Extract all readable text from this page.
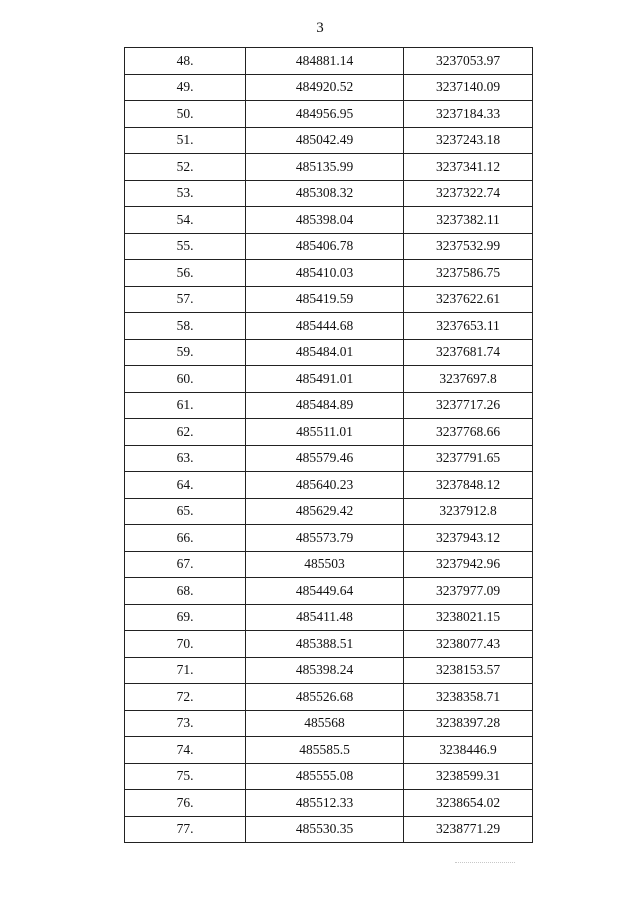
3
48.	484881.14	3237053.97
49.	484920.52	3237140.09
50.	484956.95	3237184.33
51.	485042.49	3237243.18
52.	485135.99	3237341.12
53.	485308.32	3237322.74
54.	485398.04	3237382.11
55.	485406.78	3237532.99
56.	485410.03	3237586.75
57.	485419.59	3237622.61
58.	485444.68	3237653.11
59.	485484.01	3237681.74
60.	485491.01	3237697.8
61.	485484.89	3237717.26
62.	485511.01	3237768.66
63.	485579.46	3237791.65
64.	485640.23	3237848.12
65.	485629.42	3237912.8
66.	485573.79	3237943.12
67.	485503	3237942.96
68.	485449.64	3237977.09
69.	485411.48	3238021.15
70.	485388.51	3238077.43
71.	485398.24	3238153.57
72.	485526.68	3238358.71
73.	485568	3238397.28
74.	485585.5	3238446.9
75.	485555.08	3238599.31
76.	485512.33	3238654.02
77.	485530.35	3238771.29
